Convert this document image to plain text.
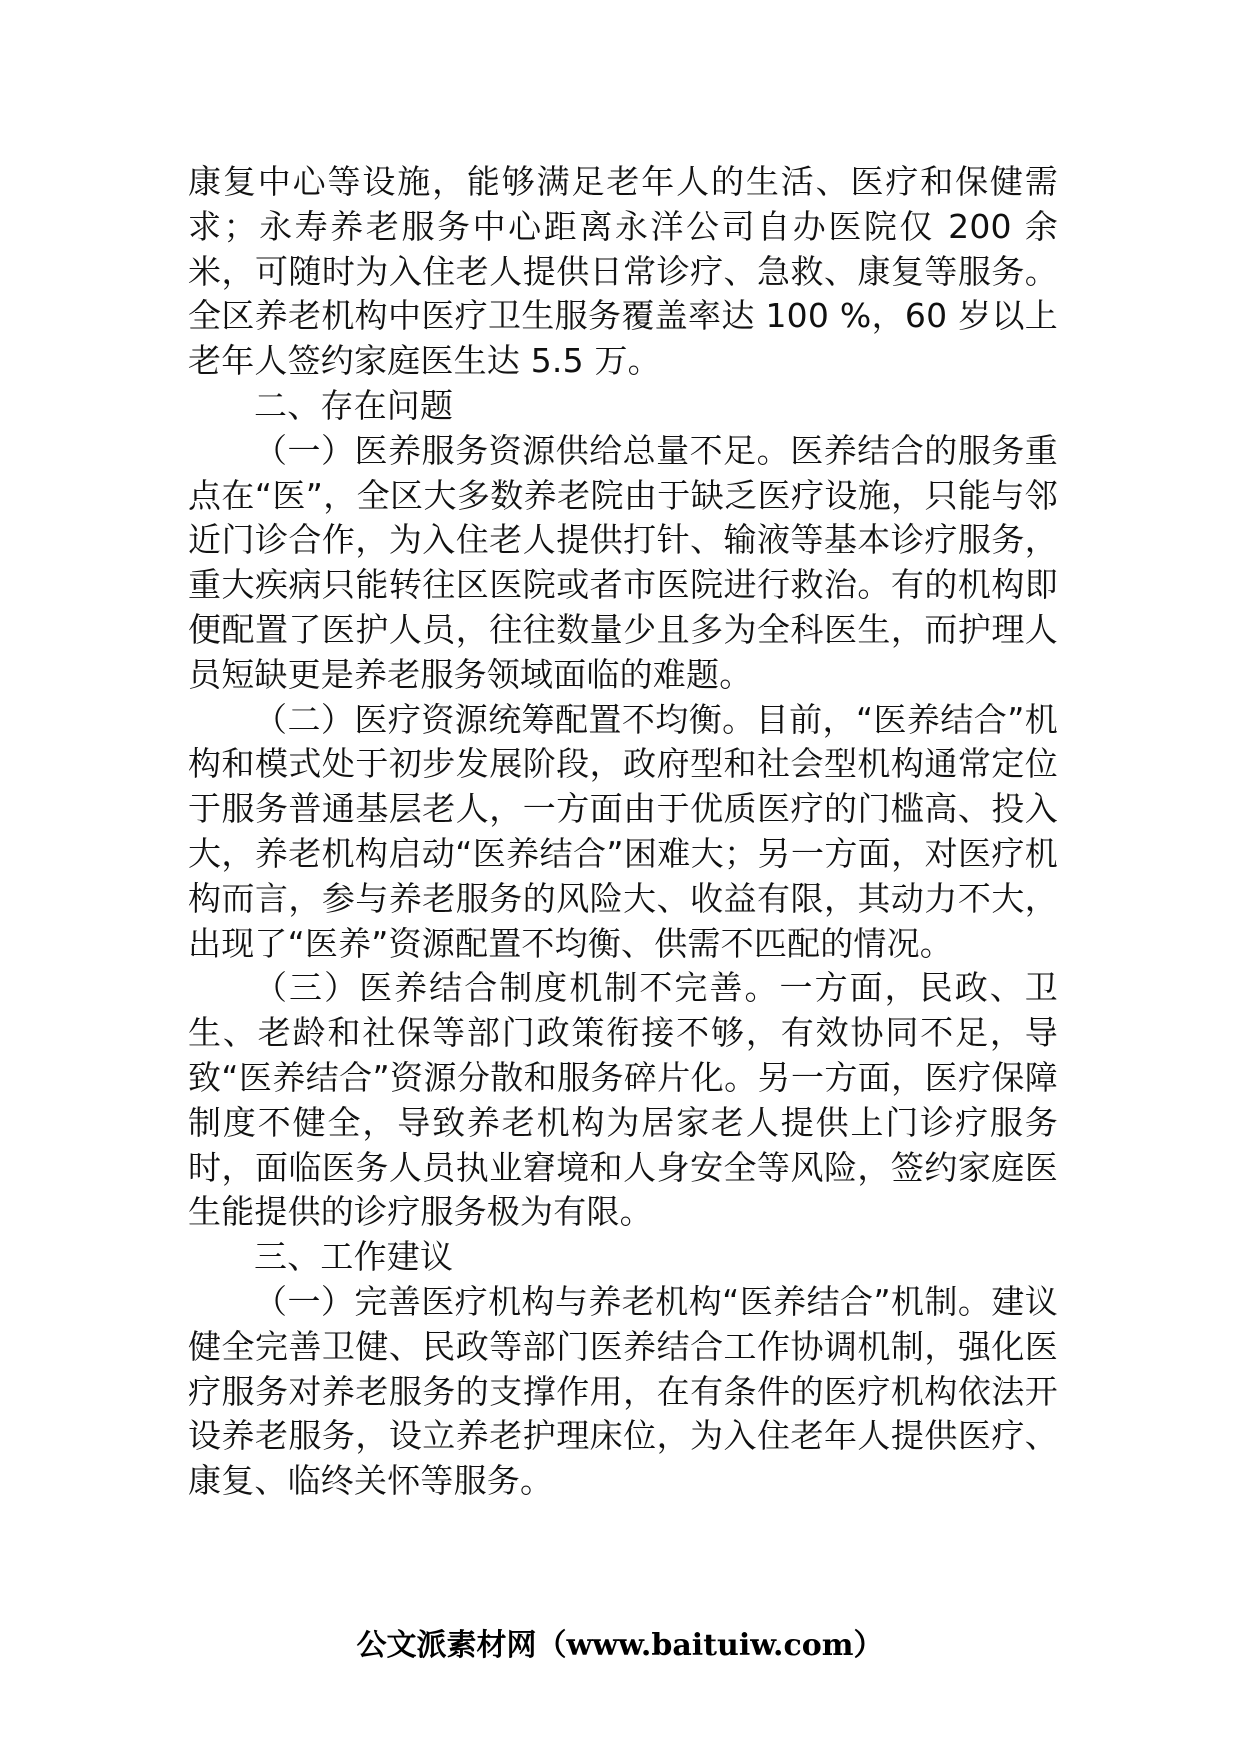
康复中心等设施，能够满足老年人的生活、医疗和保健需求；永寿养老服务中心距离永洋公司自办医院仅 200 余米，可随时为入住老人提供日常诊疗、急救、康复等服务。全区养老机构中医疗卫生服务覆盖率达 100 %，60 岁以上老年人签约家庭医生达 5.5 万。

二、存在问题

（一）医养服务资源供给总量不足。医养结合的服务重点在“医”，全区大多数养老院由于缺乏医疗设施，只能与邻近门诊合作，为入住老人提供打针、输液等基本诊疗服务，重大疾病只能转往区医院或者市医院进行救治。有的机构即便配置了医护人员，往往数量少且多为全科医生，而护理人员短缺更是养老服务领域面临的难题。

（二）医疗资源统筹配置不均衡。目前，“医养结合”机构和模式处于初步发展阶段，政府型和社会型机构通常定位于服务普通基层老人，一方面由于优质医疗的门槛高、投入大，养老机构启动“医养结合”困难大；另一方面，对医疗机构而言，参与养老服务的风险大、收益有限，其动力不大，出现了“医养”资源配置不均衡、供需不匹配的情况。

（三）医养结合制度机制不完善。一方面，民政、卫生、老龄和社保等部门政策衔接不够，有效协同不足，导致“医养结合”资源分散和服务碎片化。另一方面，医疗保障制度不健全，导致养老机构为居家老人提供上门诊疗服务时，面临医务人员执业窘境和人身安全等风险，签约家庭医生能提供的诊疗服务极为有限。

三、工作建议

（一）完善医疗机构与养老机构“医养结合”机制。建议健全完善卫健、民政等部门医养结合工作协调机制，强化医疗服务对养老服务的支撑作用，在有条件的医疗机构依法开设养老服务，设立养老护理床位，为入住老年人提供医疗、康复、临终关怀等服务。

公文派素材网（www.baituiw.com）
